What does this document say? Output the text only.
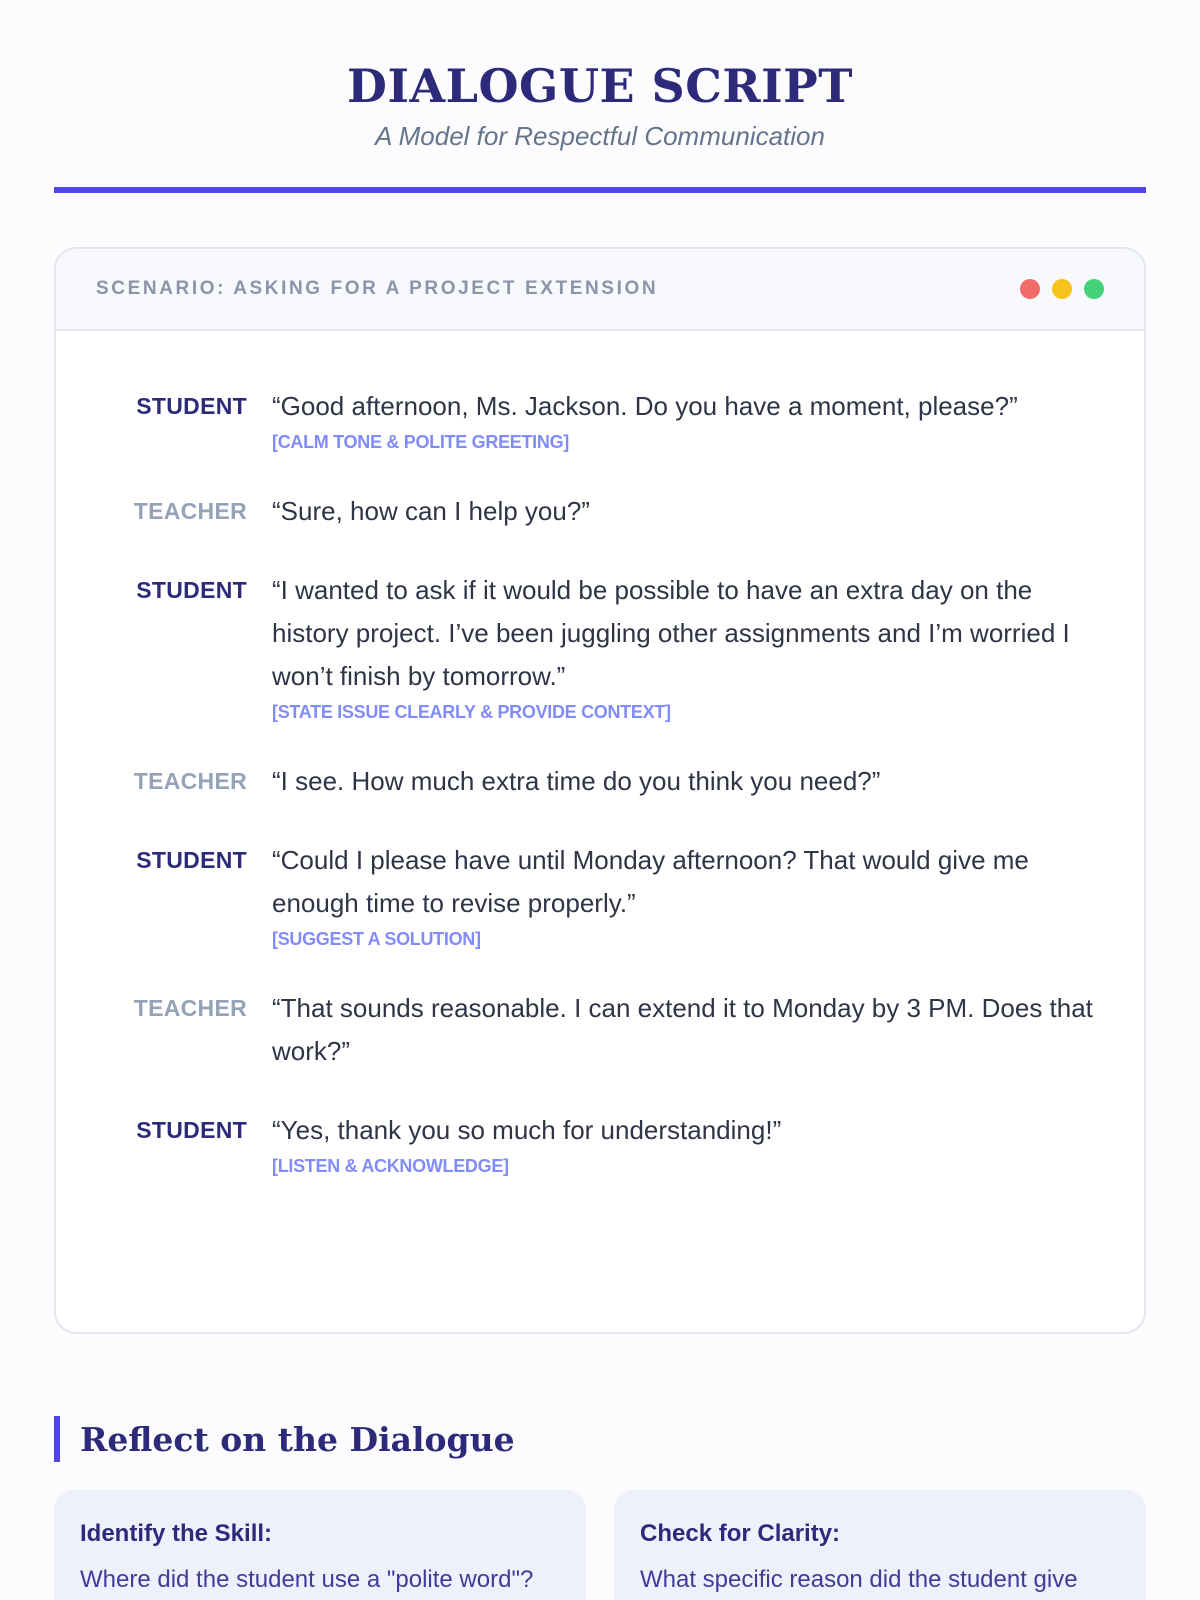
DIALOGUE SCRIPT
A Model for Respectful Communication
SCENARIO: ASKING FOR A PROJECT EXTENSION
STUDENT “Good afternoon, Ms. Jackson. Do you have a moment, please?”
[CALM TONE & POLITE GREETING]
TEACHER “Sure, how can I help you?”
STUDENT “I wanted to ask if it would be possible to have an extra day on the history project. I’ve been juggling other assignments and I’m worried I won’t finish by tomorrow.”
[STATE ISSUE CLEARLY & PROVIDE CONTEXT]
TEACHER “I see. How much extra time do you think you need?”
STUDENT “Could I please have until Monday afternoon? That would give me enough time to revise properly.”
[SUGGEST A SOLUTION]
TEACHER “That sounds reasonable. I can extend it to Monday by 3 PM. Does that work?”
STUDENT “Yes, thank you so much for understanding!”
[LISTEN & ACKNOWLEDGE]
Reflect on the Dialogue
Identify the Skill:
Where did the student use a "polite word"?
Check for Clarity:
What specific reason did the student give
